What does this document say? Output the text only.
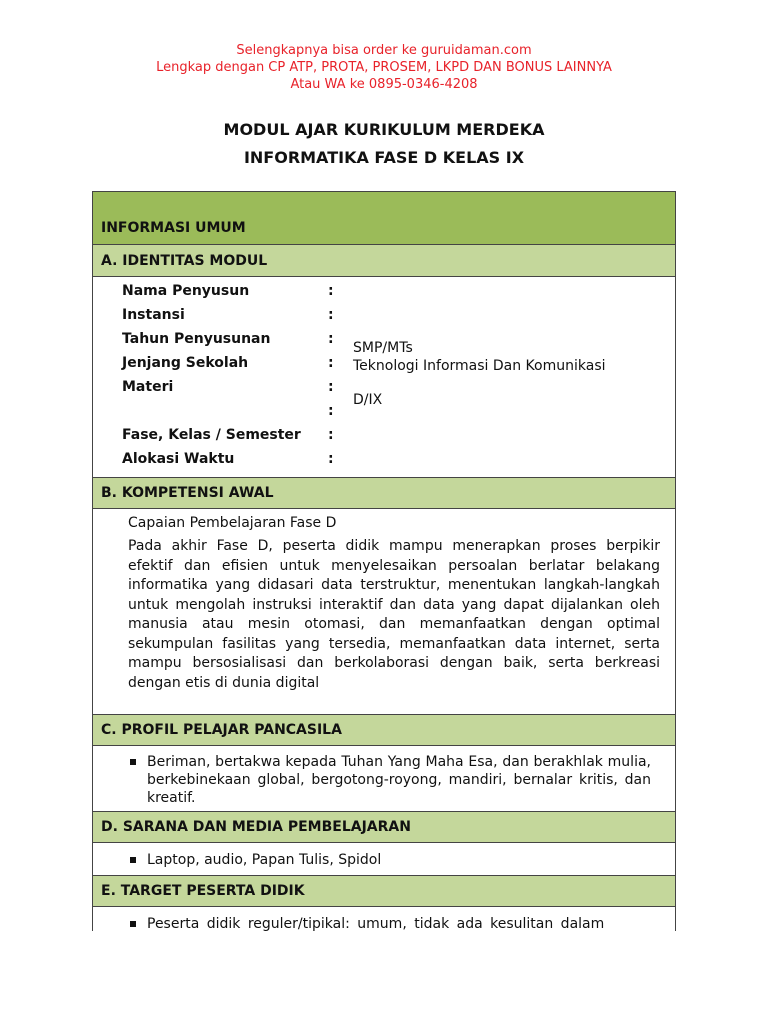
Selengkapnya bisa order ke guruidaman.com
Lengkap dengan CP ATP, PROTA, PROSEM, LKPD DAN BONUS LAINNYA
Atau WA ke 0895-0346-4208
MODUL AJAR KURIKULUM MERDEKA
INFORMATIKA FASE D KELAS IX
INFORMASI UMUM
A. IDENTITAS MODUL
Nama Penyusun
Instansi
Tahun Penyusunan
Jenjang Sekolah
Materi
Fase, Kelas / Semester
Alokasi Waktu
:
:
:
:
:
:
:
:
SMP/MTs
Teknologi Informasi Dan Komunikasi
D/IX
B. KOMPETENSI AWAL
Capaian Pembelajaran Fase D
Pada akhir Fase D, peserta didik mampu menerapkan proses berpikir efektif dan efisien untuk menyelesaikan persoalan berlatar belakang informatika yang didasari data terstruktur, menentukan langkah-langkah untuk mengolah instruksi interaktif dan data yang dapat dijalankan oleh manusia atau mesin otomasi, dan memanfaatkan dengan optimal sekumpulan fasilitas yang tersedia, memanfaatkan data internet, serta mampu bersosialisasi dan berkolaborasi dengan baik, serta berkreasi dengan etis di dunia digital
C. PROFIL PELAJAR PANCASILA
Beriman, bertakwa kepada Tuhan Yang Maha Esa, dan berakhlak mulia, berkebinekaan global, bergotong-royong, mandiri, bernalar kritis, dan kreatif.
D. SARANA DAN MEDIA PEMBELAJARAN
Laptop, audio, Papan Tulis, Spidol
E. TARGET PESERTA DIDIK
Peserta didik reguler/tipikal: umum, tidak ada kesulitan dalam
